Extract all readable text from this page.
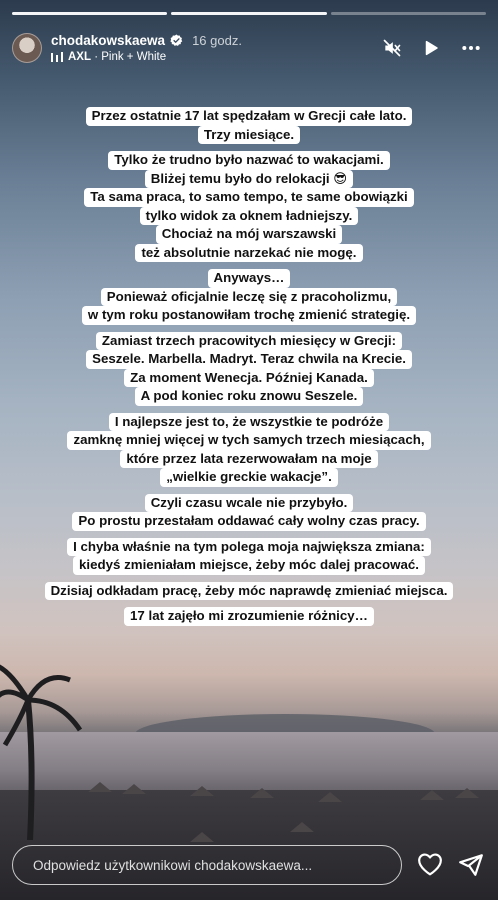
chodakowskaewa 16 godz.
AXL · Pink + White
Przez ostatnie 17 lat spędzałam w Grecji całe lato.
Trzy miesiące.
Tylko że trudno było nazwać to wakacjami.
Bliżej temu było do relokacji 😎
Ta sama praca, to samo tempo, te same obowiązki
tylko widok za oknem ładniejszy.
Chociaż na mój warszawski
też absolutnie narzekać nie mogę.
Anyways…
Ponieważ oficjalnie leczę się z pracoholizmu,
w tym roku postanowiłam trochę zmienić strategię.
Zamiast trzech pracowitych miesięcy w Grecji:
Seszele. Marbella. Madryt. Teraz chwila na Krecie.
Za moment Wenecja. Później Kanada.
A pod koniec roku znowu Seszele.
I najlepsze jest to, że wszystkie te podróże
zamknę mniej więcej w tych samych trzech miesiącach,
które przez lata rezerwowałam na moje
„wielkie greckie wakacje”.
Czyli czasu wcale nie przybyło.
Po prostu przestałam oddawać cały wolny czas pracy.
I chyba właśnie na tym polega moja największa zmiana:
kiedyś zmieniałam miejsce, żeby móc dalej pracować.
Dzisiaj odkładam pracę, żeby móc naprawdę zmieniać miejsca.
17 lat zajęło mi zrozumienie różnicy…
Odpowiedz użytkownikowi chodakowskaewa...
